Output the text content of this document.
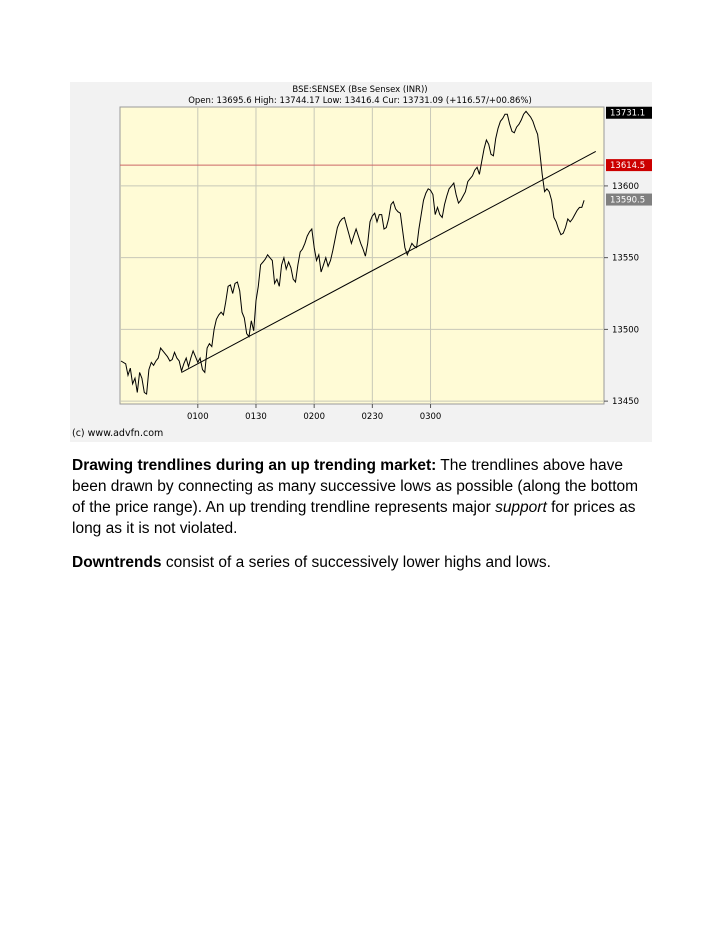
BSE:SENSEX (Bse Sensex (INR))
Open: 13695.6 High: 13744.17 Low: 13416.4 Cur: 13731.09 (+116.57/+00.86%)
(c) www.advfn.com
0100	0130	0200	0230	0300
13450
13500
13550
13600
13731.1
13614.5
13590.5

Drawing trendlines during an up trending market: The trendlines above have been drawn by connecting as many successive lows as possible (along the bottom of the price range). An up trending trendline represents major support for prices as long as it is not violated.

Downtrends consist of a series of successively lower highs and lows.
